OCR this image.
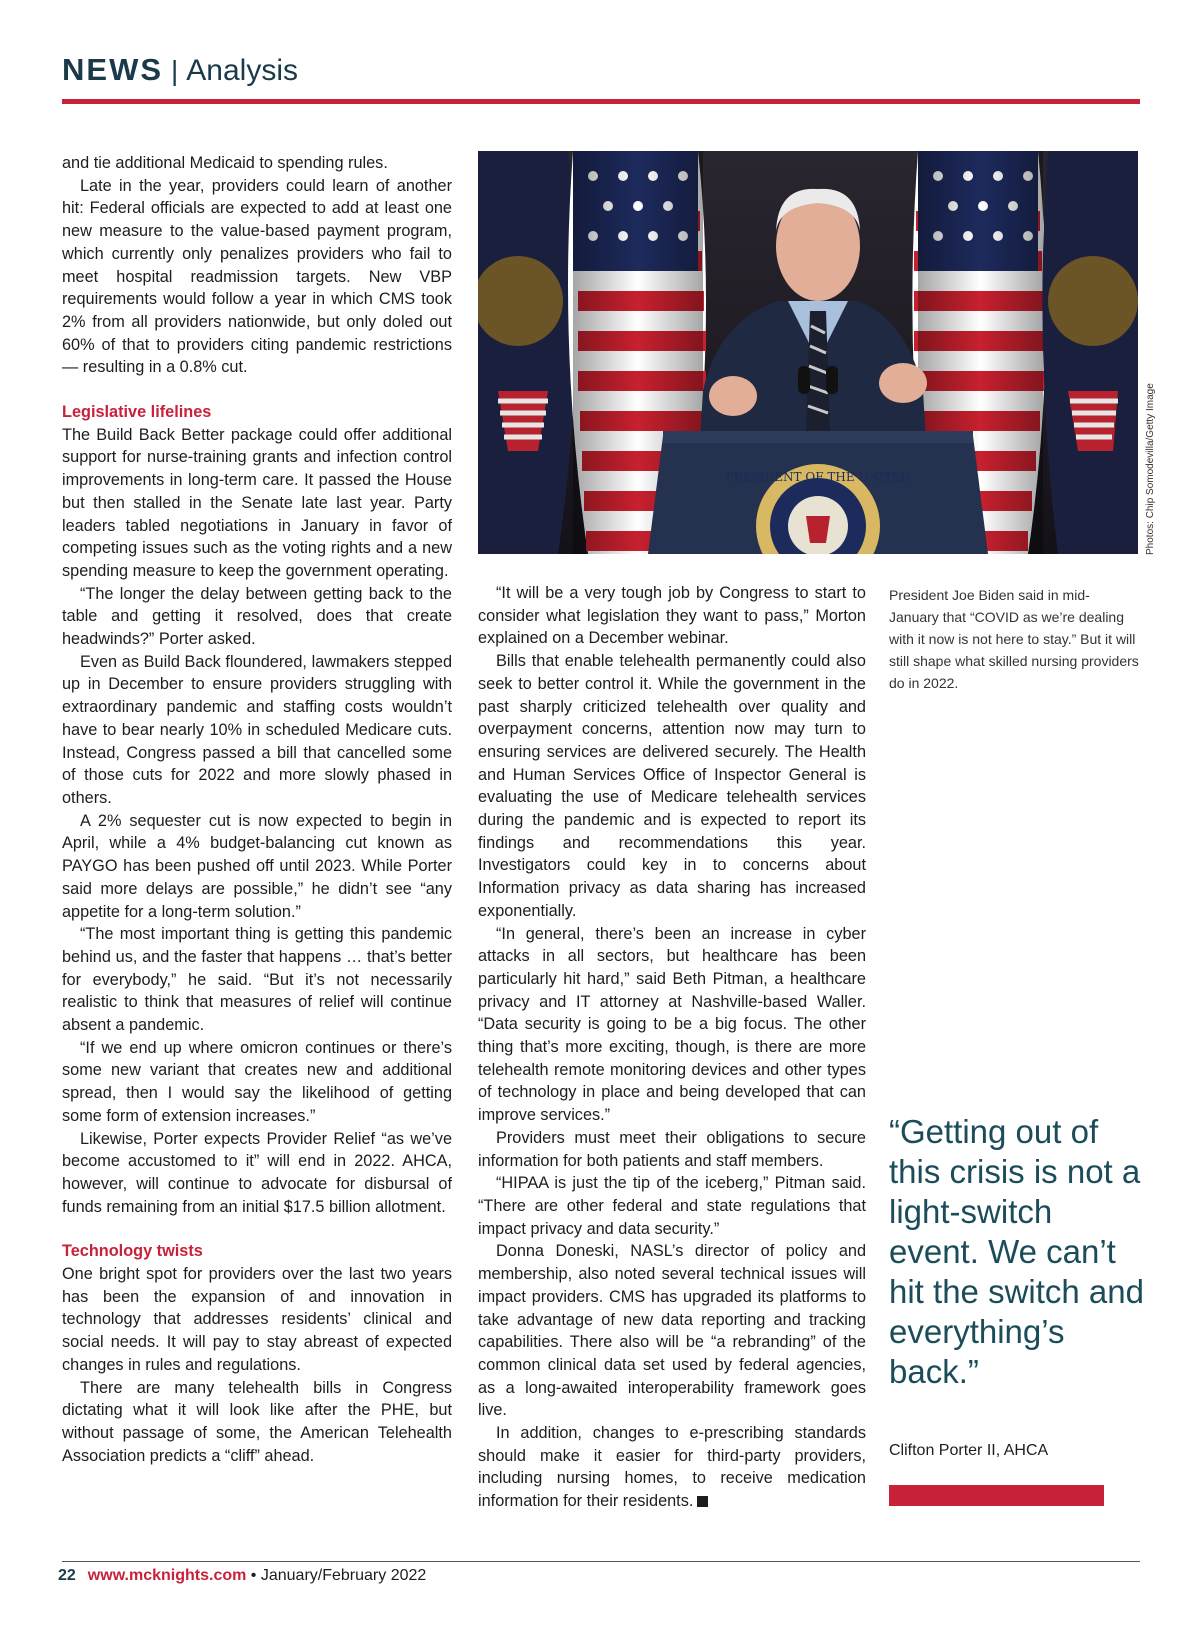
NEWS | Analysis

and tie additional Medicaid to spending rules.

Late in the year, providers could learn of another hit: Federal officials are expected to add at least one new measure to the value-based payment program, which currently only penalizes providers who fail to meet hospital readmission targets. New VBP requirements would follow a year in which CMS took 2% from all providers nationwide, but only doled out 60% of that to providers citing pandemic restrictions — resulting in a 0.8% cut.

Legislative lifelines

The Build Back Better package could offer additional support for nurse-training grants and infection control improvements in long-term care. It passed the House but then stalled in the Senate late last year. Party leaders tabled negotiations in January in favor of competing issues such as the voting rights and a new spending measure to keep the government operating.

“The longer the delay between getting back to the table and getting it resolved, does that create headwinds?” Porter asked.

Even as Build Back floundered, lawmakers stepped up in December to ensure providers struggling with extraordinary pandemic and staffing costs wouldn’t have to bear nearly 10% in scheduled Medicare cuts. Instead, Congress passed a bill that cancelled some of those cuts for 2022 and more slowly phased in others.

A 2% sequester cut is now expected to begin in April, while a 4% budget-balancing cut known as PAYGO has been pushed off until 2023. While Porter said more delays are possible,” he didn’t see “any appetite for a long-term solution.”

“The most important thing is getting this pandemic behind us, and the faster that happens … that’s better for everybody,” he said. “But it’s not necessarily realistic to think that measures of relief will continue absent a pandemic.

“If we end up where omicron continues or there’s some new variant that creates new and additional spread, then I would say the likelihood of getting some form of extension increases.”

Likewise, Porter expects Provider Relief “as we’ve become accustomed to it” will end in 2022. AHCA, however, will continue to advocate for disbursal of funds remaining from an initial $17.5 billion allotment.

Technology twists

One bright spot for providers over the last two years has been the expansion of and innovation in technology that addresses residents’ clinical and social needs. It will pay to stay abreast of expected changes in rules and regulations.

There are many telehealth bills in Congress dictating what it will look like after the PHE, but without passage of some, the American Telehealth Association predicts a “cliff” ahead.

PRESIDENT OF THE UNITED	Photos: Chip Somodevilla/Getty Image

“It will be a very tough job by Congress to start to consider what legislation they want to pass,” Morton explained on a December webinar.

Bills that enable telehealth permanently could also seek to better control it. While the government in the past sharply criticized telehealth over quality and overpayment concerns, attention now may turn to ensuring services are delivered securely. The Health and Human Services Office of Inspector General is evaluating the use of Medicare telehealth services during the pandemic and is expected to report its findings and recommendations this year. Investigators could key in to concerns about Information privacy as data sharing has increased exponentially.

“In general, there’s been an increase in cyber attacks in all sectors, but healthcare has been particularly hit hard,” said Beth Pitman, a healthcare privacy and IT attorney at Nashville-based Waller. “Data security is going to be a big focus. The other thing that’s more exciting, though, is there are more telehealth remote monitoring devices and other types of technology in place and being developed that can improve services.”

Providers must meet their obligations to secure information for both patients and staff members.

“HIPAA is just the tip of the iceberg,” Pitman said. “There are other federal and state regulations that impact privacy and data security.”

Donna Doneski, NASL’s director of policy and membership, also noted several technical issues will impact providers. CMS has upgraded its platforms to take advantage of new data reporting and tracking capabilities. There also will be “a rebranding” of the common clinical data set used by federal agencies, as a long-awaited interoperability framework goes live.

In addition, changes to e-prescribing standards should make it easier for third-party providers, including nursing homes, to receive medication information for their residents.

President Joe Biden said in mid-January that “COVID as we’re dealing with it now is not here to stay.” But it will still shape what skilled nursing providers do in 2022.
“Getting out of this crisis is not a light-switch event. We can’t hit the switch and everything’s back.”
Clifton Porter II, AHCA
22 www.mcknights.com • January/February 2022
